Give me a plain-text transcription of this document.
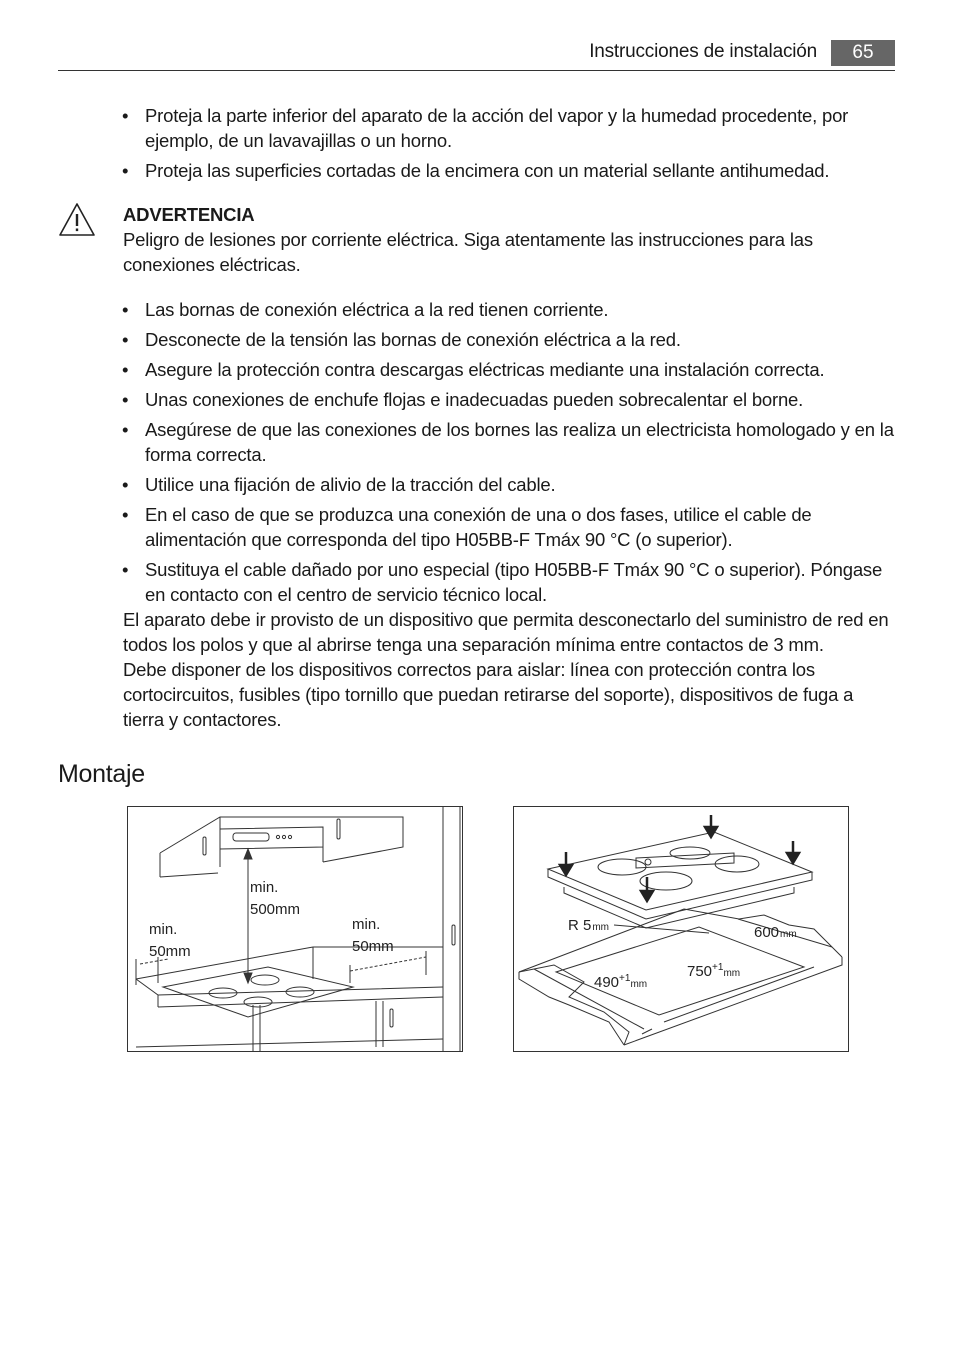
Instrucciones de instalación	65
• Proteja la parte inferior del aparato de la acción del vapor y la humedad procedente, por ejemplo, de un lavavajillas o un horno.
• Proteja las superficies cortadas de la encimera con un material sellante antihumedad.
ADVERTENCIA
Peligro de lesiones por corriente eléctrica. Siga atentamente las instrucciones para las conexiones eléctricas.
• Las bornas de conexión eléctrica a la red tienen corriente.
• Desconecte de la tensión las bornas de conexión eléctrica a la red.
• Asegure la protección contra descargas eléctricas mediante una instalación correcta.
• Unas conexiones de enchufe flojas e inadecuadas pueden sobrecalentar el borne.
• Asegúrese de que las conexiones de los bornes las realiza un electricista homologado y en la forma correcta.
• Utilice una fijación de alivio de la tracción del cable.
• En el caso de que se produzca una conexión de una o dos fases, utilice el cable de alimentación que corresponda del tipo H05BB-F Tmáx 90 °C (o superior).
• Sustituya el cable dañado por uno especial (tipo H05BB-F Tmáx 90 °C o superior). Póngase en contacto con el centro de servicio técnico local.
El aparato debe ir provisto de un dispositivo que permita desconectarlo del suministro de red en todos los polos y que al abrirse tenga una separación mínima entre contactos de 3 mm.
Debe disponer de los dispositivos correctos para aislar: línea con protección contra los cortocircuitos, fusibles (tipo tornillo que puedan retirarse del soporte), dispositivos de fuga a tierra y contactores.
Montaje
min.
500mm
min.
50mm
min.
50mm
R 5mm	600mm
$750^{+1}_{mm}$
$490^{+1}_{mm}$
